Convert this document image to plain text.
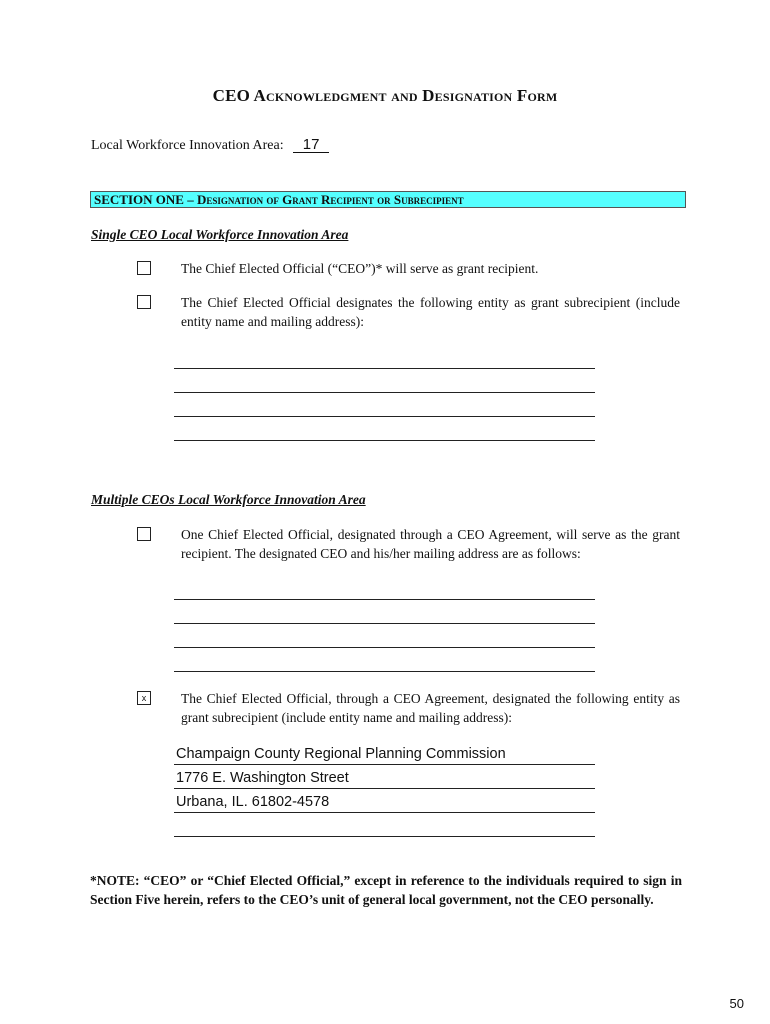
CEO Acknowledgment and Designation Form
Local Workforce Innovation Area: 17
SECTION ONE – Designation of Grant Recipient or Subrecipient
Single CEO Local Workforce Innovation Area
The Chief Elected Official (“CEO”)* will serve as grant recipient.
The Chief Elected Official designates the following entity as grant subrecipient (include entity name and mailing address):
Multiple CEOs Local Workforce Innovation Area
One Chief Elected Official, designated through a CEO Agreement, will serve as the grant recipient. The designated CEO and his/her mailing address are as follows:
x	The Chief Elected Official, through a CEO Agreement, designated the following entity as grant subrecipient (include entity name and mailing address):
Champaign County Regional Planning Commission
1776 E. Washington Street
Urbana, IL. 61802-4578
*NOTE: “CEO” or “Chief Elected Official,” except in reference to the individuals required to sign in Section Five herein, refers to the CEO’s unit of general local government, not the CEO personally.
50
